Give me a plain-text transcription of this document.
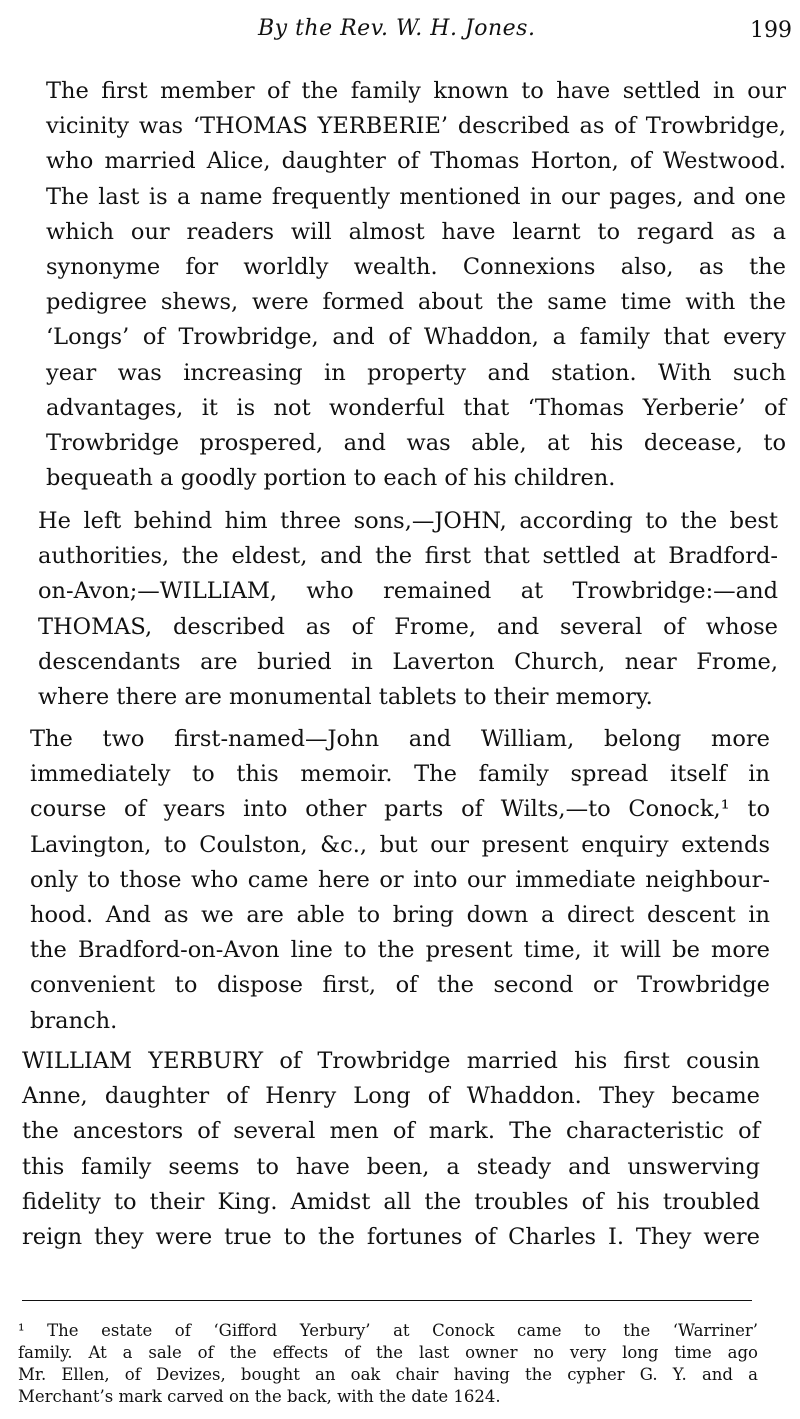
By the Rev. W. H. Jones.	199
The first member of the family known to have settled in our
vicinity was ‘THOMAS YERBERIE’ described as of Trowbridge,
who married Alice, daughter of Thomas Horton, of Westwood.
The last is a name frequently mentioned in our pages, and one
which our readers will almost have learnt to regard as a
synonyme for worldly wealth. Connexions also, as the
pedigree shews, were formed about the same time with the
‘Longs’ of Trowbridge, and of Whaddon, a family that every
year was increasing in property and station. With such
advantages, it is not wonderful that ‘Thomas Yerberie’ of
Trowbridge prospered, and was able, at his decease, to
bequeath a goodly portion to each of his children.
He left behind him three sons,—JOHN, according to the best
authorities, the eldest, and the first that settled at Bradford-
on-Avon;—WILLIAM, who remained at Trowbridge:—and
THOMAS, described as of Frome, and several of whose
descendants are buried in Laverton Church, near Frome,
where there are monumental tablets to their memory.
The two first-named—John and William, belong more
immediately to this memoir. The family spread itself in
course of years into other parts of Wilts,—to Conock,¹ to
Lavington, to Coulston, &c., but our present enquiry extends
only to those who came here or into our immediate neighbour-
hood. And as we are able to bring down a direct descent in
the Bradford-on-Avon line to the present time, it will be more
convenient to dispose first, of the second or Trowbridge
branch.
WILLIAM YERBURY of Trowbridge married his first cousin
Anne, daughter of Henry Long of Whaddon. They became
the ancestors of several men of mark. The characteristic of
this family seems to have been, a steady and unswerving
fidelity to their King. Amidst all the troubles of his troubled
reign they were true to the fortunes of Charles I. They were
¹ The estate of ‘Gifford Yerbury’ at Conock came to the ‘Warriner’
family. At a sale of the effects of the last owner no very long time ago
Mr. Ellen, of Devizes, bought an oak chair having the cypher G. Y. and a
Merchant’s mark carved on the back, with the date 1624.
